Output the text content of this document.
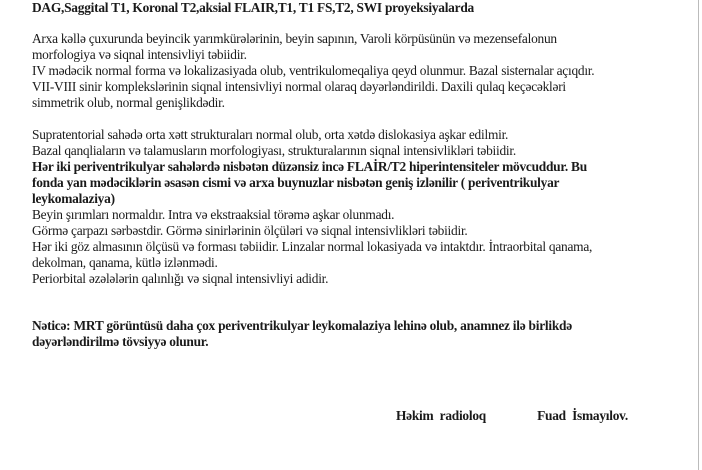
DAG,Saggital T1, Koronal T2,aksial FLAIR,T1, T1 FS,T2, SWI proyeksiyalarda
Arxa kəllə çuxurunda beyincik yarımkürələrinin, beyin sapının, Varoli körpüsünün və mezensefalonun
morfologiya və siqnal intensivliyi təbiidir.
IV mədəcik normal forma və lokalizasiyada olub, ventrikulomeqaliya qeyd olunmur. Bazal sisternalar açıqdır.
VII-VIII sinir komplekslərinin siqnal intensivliyi normal olaraq dəyərləndirildi. Daxili qulaq keçəcəkləri
simmetrik olub, normal genişlikdədir.
Supratentorial sahədə orta xətt strukturaları normal olub, orta xətdə dislokasiya aşkar edilmir.
Bazal qanqliaların və talamusların morfologiyası, strukturalarının siqnal intensivlikləri təbiidir.
Hər iki periventrikulyar sahələrdə nisbətən düzənsiz incə FLAİR/T2 hiperintensiteler mövcuddur. Bu
fonda yan mədəciklərin əsasən cismi və arxa buynuzlar nisbətən geniş izlənilir ( periventrikulyar
leykomalaziya)
Beyin şırımları normaldır. Intra və ekstraaksial törəmə aşkar olunmadı.
Görmə çarpazı sərbəstdir. Görmə sinirlərinin ölçüləri və siqnal intensivlikləri təbiidir.
Hər iki göz almasının ölçüsü və forması təbiidir. Linzalar normal lokasiyada və intaktdır. İntraorbital qanama,
dekolman, qanama, kütlə izlənmədi.
Periorbital əzələlərin qalınlığı və siqnal intensivliyi adidir.
Nəticə: MRT görüntüsü daha çox periventrikulyar leykomalaziya lehinə olub, anamnez ilə birlikdə
dəyərləndirilmə tövsiyyə olunur.
Həkim  radioloq	Fuad  İsmayılov.
